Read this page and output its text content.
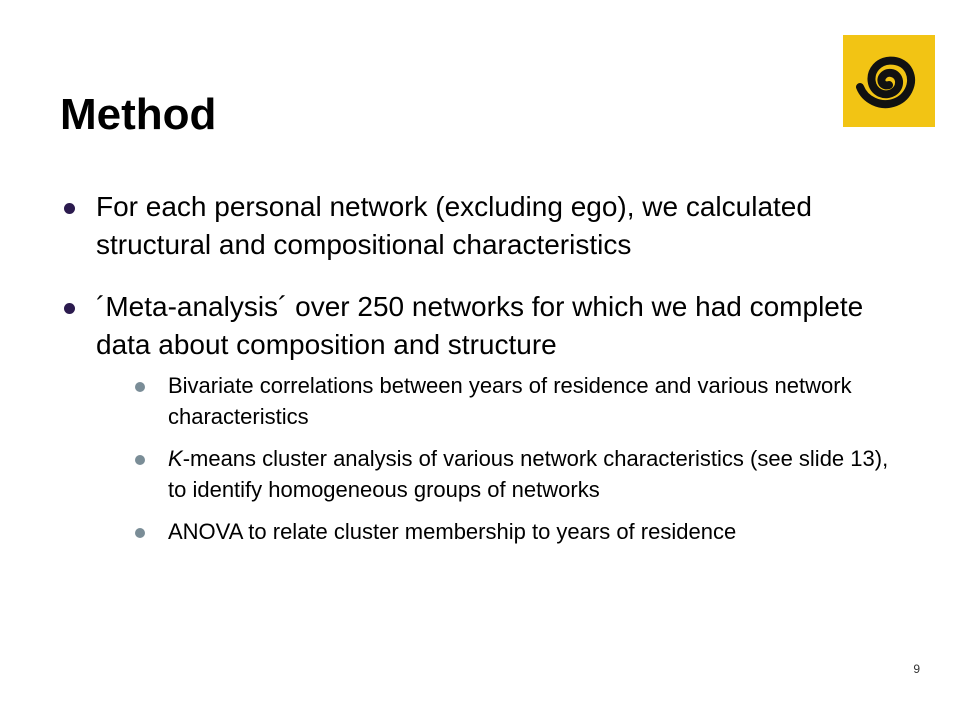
Method
For each personal network (excluding ego), we calculated structural and compositional characteristics
´Meta-analysis´ over 250 networks for which we had complete data about composition and structure
Bivariate correlations between years of residence and various network characteristics
K-means cluster analysis of various network characteristics (see slide 13), to identify homogeneous groups of networks
ANOVA to relate cluster membership to years of residence
9
